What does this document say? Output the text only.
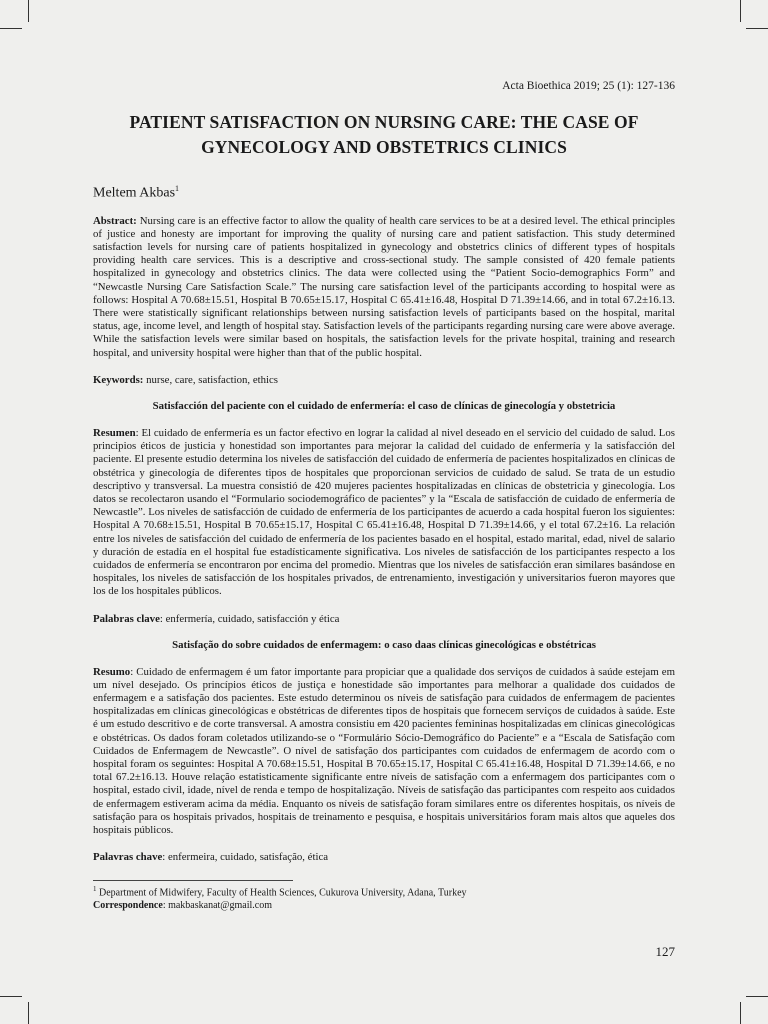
Acta Bioethica 2019; 25 (1): 127-136
PATIENT SATISFACTION ON NURSING CARE: THE CASE OF GYNECOLOGY AND OBSTETRICS CLINICS
Meltem Akbas$^1$

Abstract: Nursing care is an effective factor to allow the quality of health care services to be at a desired level. The ethical principles of justice and honesty are important for improving the quality of nursing care and patient satisfaction. This study determined satisfaction levels for nursing care of patients hospitalized in gynecology and obstetrics clinics of different types of hospitals providing health care services. This is a descriptive and cross-sectional study. The sample consisted of 420 female patients hospitalized in gynecology and obstetrics clinics. The data were collected using the “Patient Socio-demographics Form” and “Newcastle Nursing Care Satisfaction Scale.” The nursing care satisfaction level of the participants according to hospital were as follows: Hospital A 70.68±15.51, Hospital B 70.65±15.17, Hospital C 65.41±16.48, Hospital D 71.39±14.66, and in total 67.2±16.13. There were statistically significant relationships between nursing satisfaction levels of participants based on the hospital, marital status, age, income level, and length of hospital stay. Satisfaction levels of the participants regarding nursing care were above average. While the satisfaction levels were similar based on hospitals, the satisfaction levels for the private hospital, training and research hospital, and university hospital were higher than that of the public hospital.

Keywords: nurse, care, satisfaction, ethics
Satisfacción del paciente con el cuidado de enfermería: el caso de clínicas de ginecología y obstetricia

Resumen: El cuidado de enfermería es un factor efectivo en lograr la calidad al nivel deseado en el servicio del cuidado de salud. Los principios éticos de justicia y honestidad son importantes para mejorar la calidad del cuidado de enfermería y la satisfacción del paciente. El presente estudio determina los niveles de satisfacción del cuidado de enfermería de pacientes hospitalizados en clínicas de obstétrica y ginecología de diferentes tipos de hospitales que proporcionan servicios de cuidado de salud. Se trata de un estudio descriptivo y transversal. La muestra consistió de 420 mujeres pacientes hospitalizadas en clínicas de obstetricia y ginecología. Los datos se recolectaron usando el “Formulario sociodemográfico de pacientes” y la “Escala de satisfacción de cuidado de enfermería de Newcastle”. Los niveles de satisfacción de cuidado de enfermería de los participantes de acuerdo a cada hospital fueron los siguientes: Hospital A 70.68±15.51, Hospital B 70.65±15.17, Hospital C 65.41±16.48, Hospital D 71.39±14.66, y el total 67.2±16. La relación entre los niveles de satisfacción del cuidado de enfermería de los pacientes basado en el hospital, estado marital, edad, nivel de salario y duración de estadía en el hospital fue estadísticamente significativa. Los niveles de satisfacción de los participantes respecto a los cuidados de enfermería se encontraron por encima del promedio. Mientras que los niveles de satisfacción eran similares basándose en hospitales, los niveles de satisfacción de los hospitales privados, de entrenamiento, investigación y universitarios fueron mayores que los de los hospitales públicos.

Palabras clave: enfermería, cuidado, satisfacción y ética
Satisfação do sobre cuidados de enfermagem: o caso daas clínicas ginecológicas e obstétricas

Resumo: Cuidado de enfermagem é um fator importante para propiciar que a qualidade dos serviços de cuidados à saúde estejam em um nível desejado. Os princípios éticos de justiça e honestidade são importantes para melhorar a qualidade dos cuidados de enfermagem e a satisfação dos pacientes. Este estudo determinou os níveis de satisfação para cuidados de enfermagem de pacientes hospitalizadas em clínicas ginecológicas e obstétricas de diferentes tipos de hospitais que fornecem serviços de cuidados à saúde. Este é um estudo descritivo e de corte transversal. A amostra consistiu em 420 pacientes femininas hospitalizadas em clínicas ginecológicas e obstétricas. Os dados foram coletados utilizando-se o “Formulário Sócio-Demográfico do Paciente” e a “Escala de Satisfação com Cuidados de Enfermagem de Newcastle”. O nível de satisfação dos participantes com cuidados de enfermagem de acordo com o hospital foram os seguintes: Hospital A 70.68±15.51, Hospital B 70.65±15.17, Hospital C 65.41±16.48, Hospital D 71.39±14.66, e no total 67.2±16.13. Houve relação estatisticamente significante entre níveis de satisfação com a enfermagem dos participantes com o hospital, estado civil, idade, nível de renda e tempo de hospitalização. Níveis de satisfação das participantes com respeito aos cuidados de enfermagem estiveram acima da média. Enquanto os níveis de satisfação foram similares entre os diferentes hospitais, os níveis de satisfação para os hospitais privados, hospitais de treinamento e pesquisa, e hospitais universitários foram mais altos que aqueles dos hospitais públicos.

Palavras chave: enfermeira, cuidado, satisfação, ética
$^1$ Department of Midwifery, Faculty of Health Sciences, Cukurova University, Adana, Turkey
Correspondence: makbaskanat@gmail.com
127
